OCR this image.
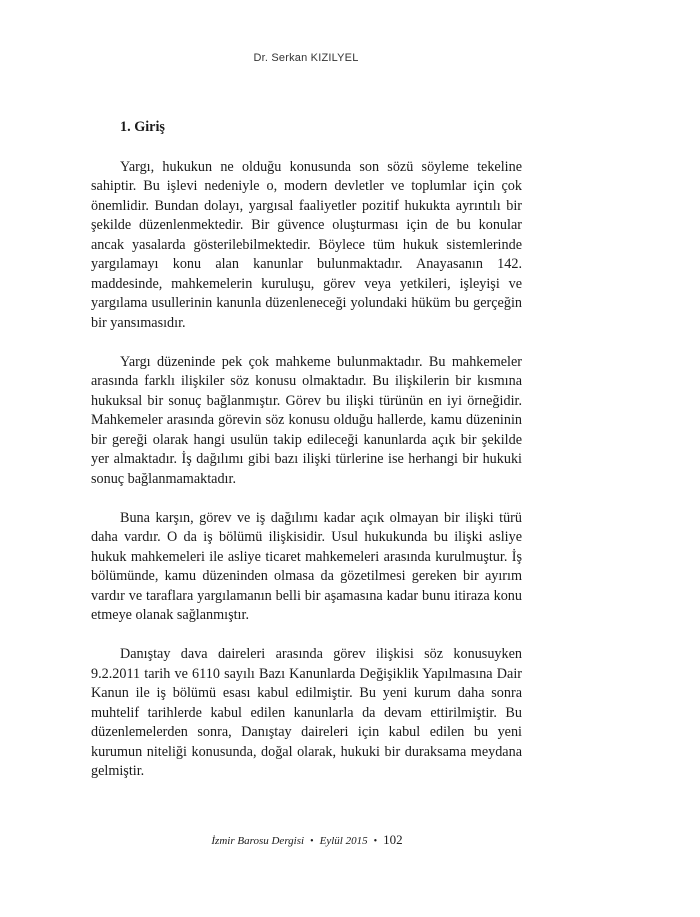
Dr. Serkan KIZILYEL
1. Giriş

Yargı, hukukun ne olduğu konusunda son sözü söyleme tekeline sahiptir. Bu işlevi nedeniyle o, modern devletler ve toplumlar için çok önemlidir. Bundan dolayı, yargısal faaliyetler pozitif hukukta ayrıntılı bir şekilde düzenlenmektedir. Bir güvence oluşturması için de bu konular ancak yasalarda gösterilebilmektedir. Böylece tüm hukuk sistemlerinde yargılamayı konu alan kanunlar bulunmaktadır. Anayasanın 142. maddesinde, mahkemelerin kuruluşu, görev veya yetkileri, işleyişi ve yargılama usullerinin kanunla düzenleneceği yolundaki hüküm bu gerçeğin bir yansımasıdır.

Yargı düzeninde pek çok mahkeme bulunmaktadır. Bu mahkemeler arasında farklı ilişkiler söz konusu olmaktadır. Bu ilişkilerin bir kısmına hukuksal bir sonuç bağlanmıştır. Görev bu ilişki türünün en iyi örneğidir. Mahkemeler arasında görevin söz konusu olduğu hallerde, kamu düzeninin bir gereği olarak hangi usulün takip edileceği kanunlarda açık bir şekilde yer almaktadır. İş dağılımı gibi bazı ilişki türlerine ise herhangi bir hukuki sonuç bağlanmamaktadır.

Buna karşın, görev ve iş dağılımı kadar açık olmayan bir ilişki türü daha vardır. O da iş bölümü ilişkisidir. Usul hukukunda bu ilişki asliye hukuk mahkemeleri ile asliye ticaret mahkemeleri arasında kurulmuştur. İş bölümünde, kamu düzeninden olmasa da gözetilmesi gereken bir ayırım vardır ve taraflara yargılamanın belli bir aşamasına kadar bunu itiraza konu etmeye olanak sağlanmıştır.

Danıştay dava daireleri arasında görev ilişkisi söz konusuyken 9.2.2011 tarih ve 6110 sayılı Bazı Kanunlarda Değişiklik Yapılmasına Dair Kanun ile iş bölümü esası kabul edilmiştir. Bu yeni kurum daha sonra muhtelif tarihlerde kabul edilen kanunlarla da devam ettirilmiştir. Bu düzenlemelerden sonra, Danıştay daireleri için kabul edilen bu yeni kurumun niteliği konusunda, doğal olarak, hukuki bir duraksama meydana gelmiştir.

İzmir Barosu Dergisi • Eylül 2015 • 102
